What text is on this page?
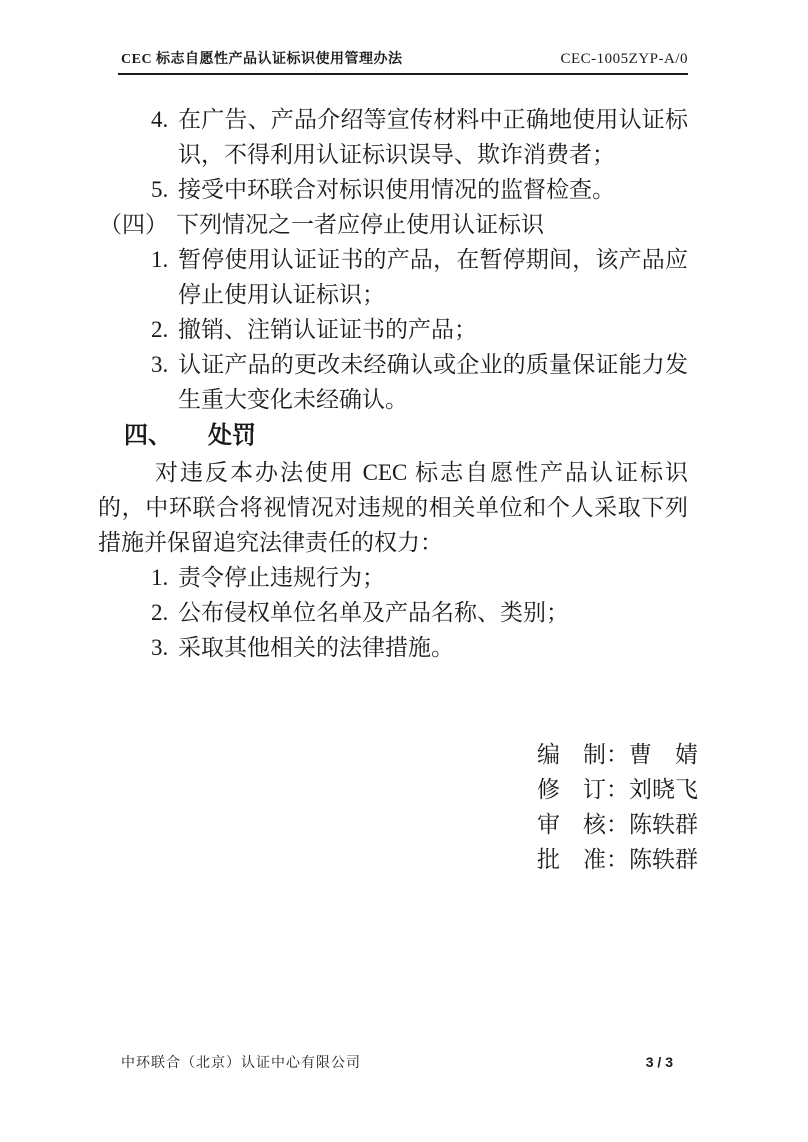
CEC 标志自愿性产品认证标识使用管理办法	CEC-1005ZYP-A/0
4. 在广告、产品介绍等宣传材料中正确地使用认证标识，不得利用认证标识误导、欺诈消费者；
5. 接受中环联合对标识使用情况的监督检查。
（四） 下列情况之一者应停止使用认证标识
1. 暂停使用认证证书的产品，在暂停期间，该产品应停止使用认证标识；
2. 撤销、注销认证证书的产品；
3. 认证产品的更改未经确认或企业的质量保证能力发生重大变化未经确认。
四、	处罚
对违反本办法使用 CEC 标志自愿性产品认证标识的，中环联合将视情况对违规的相关单位和个人采取下列措施并保留追究法律责任的权力：
1. 责令停止违规行为；
2. 公布侵权单位名单及产品名称、类别；
3. 采取其他相关的法律措施。
编　制：曹　婧
修　订：刘晓飞
审　核：陈轶群
批　准：陈轶群
中环联合（北京）认证中心有限公司	3 / 3
